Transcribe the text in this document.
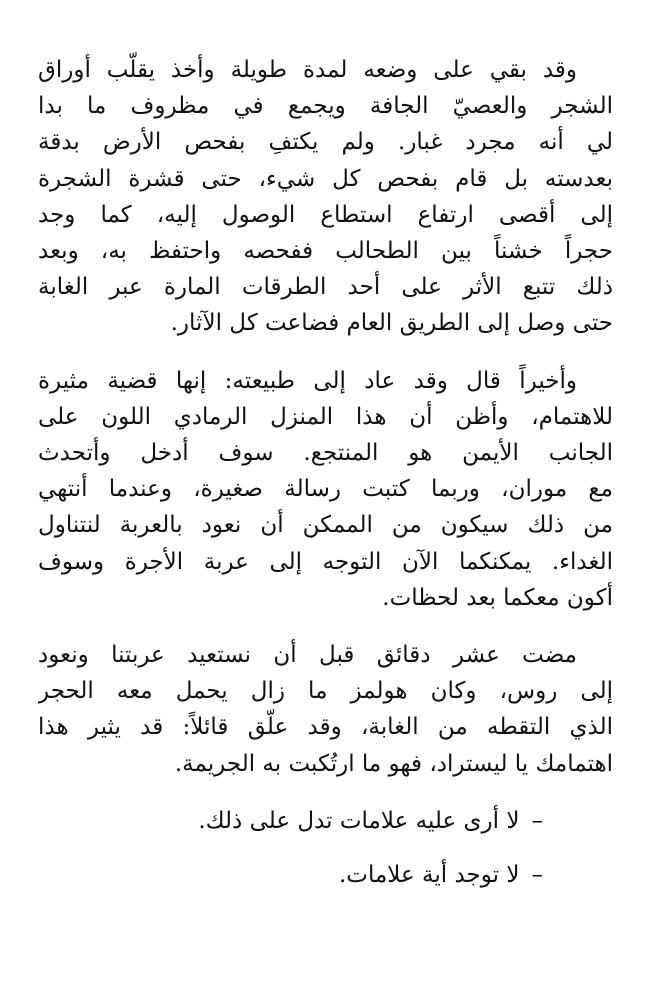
وقد بقي على وضعه لمدة طويلة وأخذ يقلّب أوراق
الشجر والعصيّ الجافة ويجمع في مظروف ما بدا
لي أنه مجرد غبار. ولم يكتفِ بفحص الأرض بدقة
بعدسته بل قام بفحص كل شيء، حتى قشرة الشجرة
إلى أقصى ارتفاع استطاع الوصول إليه، كما وجد
حجراً خشناً بين الطحالب ففحصه واحتفظ به، وبعد
ذلك تتبع الأثر على أحد الطرقات المارة عبر الغابة
حتى وصل إلى الطريق العام فضاعت كل الآثار.
وأخيراً قال وقد عاد إلى طبيعته: إنها قضية مثيرة
للاهتمام، وأظن أن هذا المنزل الرمادي اللون على
الجانب الأيمن هو المنتجع. سوف أدخل وأتحدث
مع موران، وربما كتبت رسالة صغيرة، وعندما أنتهي
من ذلك سيكون من الممكن أن نعود بالعربة لنتناول
الغداء. يمكنكما الآن التوجه إلى عربة الأجرة وسوف
أكون معكما بعد لحظات.
مضت عشر دقائق قبل أن نستعيد عربتنا ونعود
إلى روس، وكان هولمز ما زال يحمل معه الحجر
الذي التقطه من الغابة، وقد علّق قائلاً: قد يثير هذا
اهتمامك يا ليستراد، فهو ما ارتُكبت به الجريمة.
–لا أرى عليه علامات تدل على ذلك.
–لا توجد أية علامات.
